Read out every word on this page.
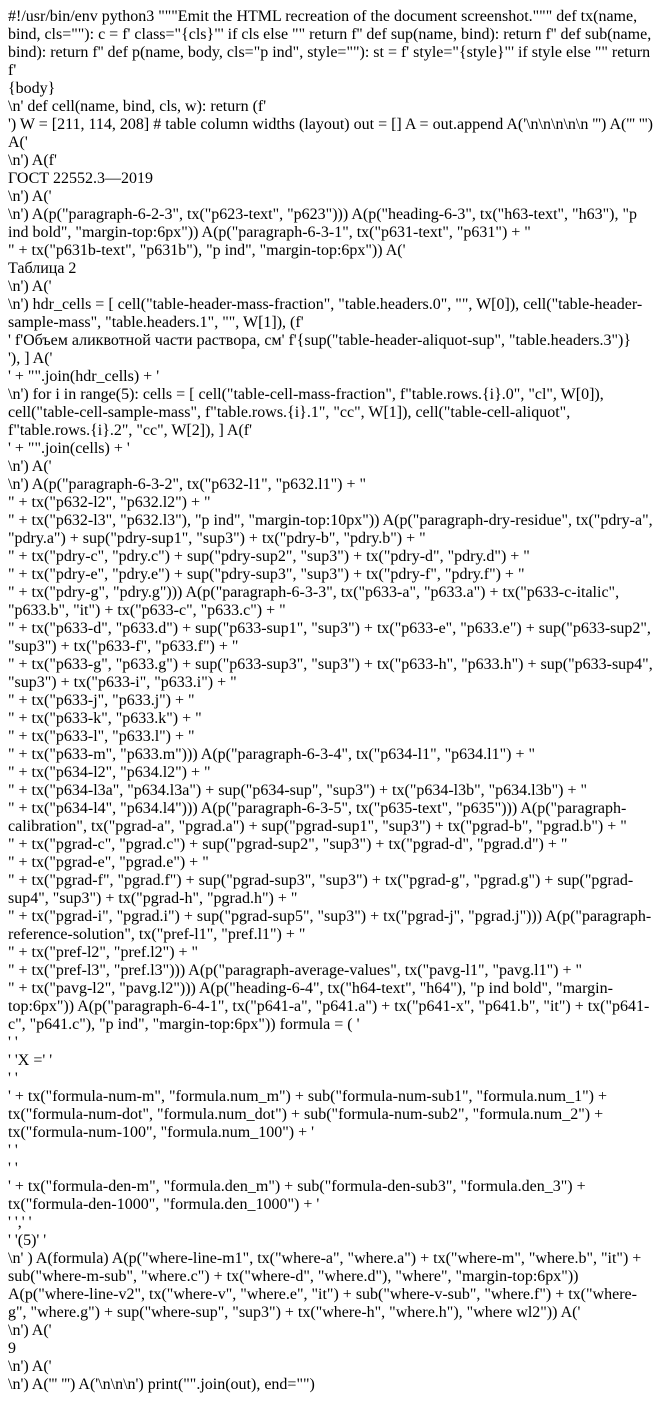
#!/usr/bin/env python3 """Emit the HTML recreation of the document screenshot.""" def tx(name, bind, cls=""): c = f' class="{cls}"' if cls else "" return f'' def sup(name, bind): return f'' def sub(name, bind): return f'' def p(name, body, cls="p ind", style=""): st = f' style="{style}"' if style else "" return f'
{body}
\n' def cell(name, bind, cls, w): return (f'
') W = [211, 114, 208] # table column widths (layout) out = [] A = out.append A('\n\n\n\n\n ''') A(''' ''') A('
\n') A(f'
ГОСТ 22552.3—2019
\n') A('
\n') A(p("paragraph-6-2-3", tx("p623-text", "p623"))) A(p("heading-6-3", tx("h63-text", "h63"), "p ind bold", "margin-top:6px")) A(p("paragraph-6-3-1", tx("p631-text", "p631") + "
" + tx("p631b-text", "p631b"), "p ind", "margin-top:6px")) A('
Таблица 2
\n') A('
\n') hdr_cells = [ cell("table-header-mass-fraction", "table.headers.0", "", W[0]), cell("table-header-sample-mass", "table.headers.1", "", W[1]), (f'
' f'Объем аликвотной части раствора, см' f'{sup("table-header-aliquot-sup", "table.headers.3")}
'), ] A('
' + "".join(hdr_cells) + '
\n') for i in range(5): cells = [ cell("table-cell-mass-fraction", f"table.rows.{i}.0", "cl", W[0]), cell("table-cell-sample-mass", f"table.rows.{i}.1", "cc", W[1]), cell("table-cell-aliquot", f"table.rows.{i}.2", "cc", W[2]), ] A(f'
' + "".join(cells) + '
\n') A('
\n') A(p("paragraph-6-3-2", tx("p632-l1", "p632.l1") + "
" + tx("p632-l2", "p632.l2") + "
" + tx("p632-l3", "p632.l3"), "p ind", "margin-top:10px")) A(p("paragraph-dry-residue", tx("pdry-a", "pdry.a") + sup("pdry-sup1", "sup3") + tx("pdry-b", "pdry.b") + "
" + tx("pdry-c", "pdry.c") + sup("pdry-sup2", "sup3") + tx("pdry-d", "pdry.d") + "
" + tx("pdry-e", "pdry.e") + sup("pdry-sup3", "sup3") + tx("pdry-f", "pdry.f") + "
" + tx("pdry-g", "pdry.g"))) A(p("paragraph-6-3-3", tx("p633-a", "p633.a") + tx("p633-c-italic", "p633.b", "it") + tx("p633-c", "p633.c") + "
" + tx("p633-d", "p633.d") + sup("p633-sup1", "sup3") + tx("p633-e", "p633.e") + sup("p633-sup2", "sup3") + tx("p633-f", "p633.f") + "
" + tx("p633-g", "p633.g") + sup("p633-sup3", "sup3") + tx("p633-h", "p633.h") + sup("p633-sup4", "sup3") + tx("p633-i", "p633.i") + "
" + tx("p633-j", "p633.j") + "
" + tx("p633-k", "p633.k") + "
" + tx("p633-l", "p633.l") + "
" + tx("p633-m", "p633.m"))) A(p("paragraph-6-3-4", tx("p634-l1", "p634.l1") + "
" + tx("p634-l2", "p634.l2") + "
" + tx("p634-l3a", "p634.l3a") + sup("p634-sup", "sup3") + tx("p634-l3b", "p634.l3b") + "
" + tx("p634-l4", "p634.l4"))) A(p("paragraph-6-3-5", tx("p635-text", "p635"))) A(p("paragraph-calibration", tx("pgrad-a", "pgrad.a") + sup("pgrad-sup1", "sup3") + tx("pgrad-b", "pgrad.b") + "
" + tx("pgrad-c", "pgrad.c") + sup("pgrad-sup2", "sup3") + tx("pgrad-d", "pgrad.d") + "
" + tx("pgrad-e", "pgrad.e") + "
" + tx("pgrad-f", "pgrad.f") + sup("pgrad-sup3", "sup3") + tx("pgrad-g", "pgrad.g") + sup("pgrad-sup4", "sup3") + tx("pgrad-h", "pgrad.h") + "
" + tx("pgrad-i", "pgrad.i") + sup("pgrad-sup5", "sup3") + tx("pgrad-j", "pgrad.j"))) A(p("paragraph-reference-solution", tx("pref-l1", "pref.l1") + "
" + tx("pref-l2", "pref.l2") + "
" + tx("pref-l3", "pref.l3"))) A(p("paragraph-average-values", tx("pavg-l1", "pavg.l1") + "
" + tx("pavg-l2", "pavg.l2"))) A(p("heading-6-4", tx("h64-text", "h64"), "p ind bold", "margin-top:6px")) A(p("paragraph-6-4-1", tx("p641-a", "p641.a") + tx("p641-x", "p641.b", "it") + tx("p641-c", "p641.c"), "p ind", "margin-top:6px")) formula = ( '
' '
' 'X =' '
' '
' + tx("formula-num-m", "formula.num_m") + sub("formula-num-sub1", "formula.num_1") + tx("formula-num-dot", "formula.num_dot") + sub("formula-num-sub2", "formula.num_2") + tx("formula-num-100", "formula.num_100") + '
' '
' '
' + tx("formula-den-m", "formula.den_m") + sub("formula-den-sub3", "formula.den_3") + tx("formula-den-1000", "formula.den_1000") + '
' ',' '
' '(5)' '
\n' ) A(formula) A(p("where-line-m1", tx("where-a", "where.a") + tx("where-m", "where.b", "it") + sub("where-m-sub", "where.c") + tx("where-d", "where.d"), "where", "margin-top:6px")) A(p("where-line-v2", tx("where-v", "where.e", "it") + sub("where-v-sub", "where.f") + tx("where-g", "where.g") + sup("where-sup", "sup3") + tx("where-h", "where.h"), "where wl2")) A('
\n') A('
9
\n') A('
\n') A(''' ''') A('\n\n\n') print("".join(out), end="")
